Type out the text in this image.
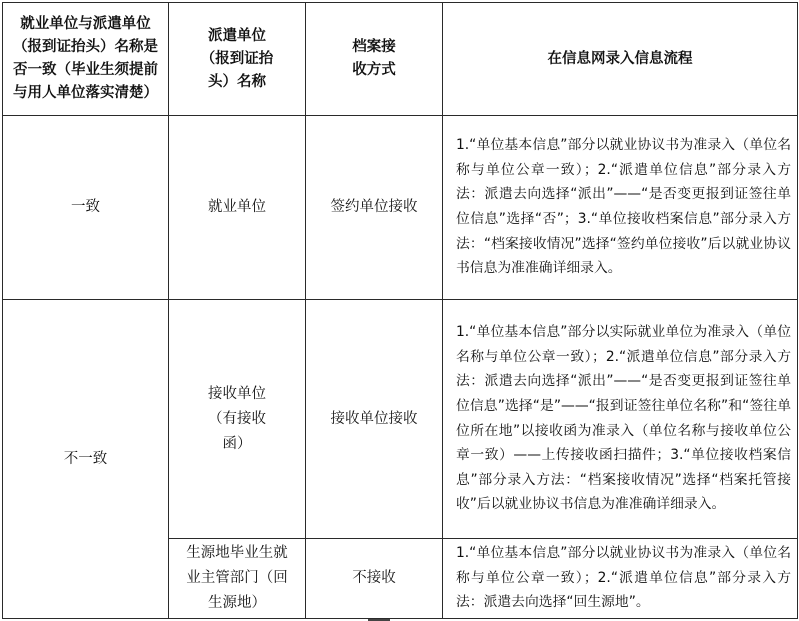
就业单位与派遣单位（报到证抬头）名称是否一致（毕业生须提前与用人单位落实清楚）	派遣单位（报到证抬头）名称	档案接收方式	在信息网录入信息流程
一致	就业单位	签约单位接收	1.“单位基本信息”部分以就业协议书为准录入（单位名称与单位公章一致）；2.“派遣单位信息”部分录入方法：派遣去向选择“派出”——“是否变更报到证签往单位信息”选择“否”；3.“单位接收档案信息”部分录入方法：“档案接收情况”选择“签约单位接收”后以就业协议书信息为准准确详细录入。
不一致	接收单位（有接收函）	接收单位接收	1.“单位基本信息”部分以实际就业单位为准录入（单位名称与单位公章一致）；2.“派遣单位信息”部分录入方法：派遣去向选择“派出”——“是否变更报到证签往单位信息”选择“是”——“报到证签往单位名称”和“签往单位所在地”以接收函为准录入（单位名称与接收单位公章一致）——上传接收函扫描件；3.“单位接收档案信息”部分录入方法：“档案接收情况”选择“档案托管接收”后以就业协议书信息为准准确详细录入。
	生源地毕业生就业主管部门（回生源地）	不接收	1.“单位基本信息”部分以就业协议书为准录入（单位名称与单位公章一致）；2.“派遣单位信息”部分录入方法：派遣去向选择“回生源地”。
